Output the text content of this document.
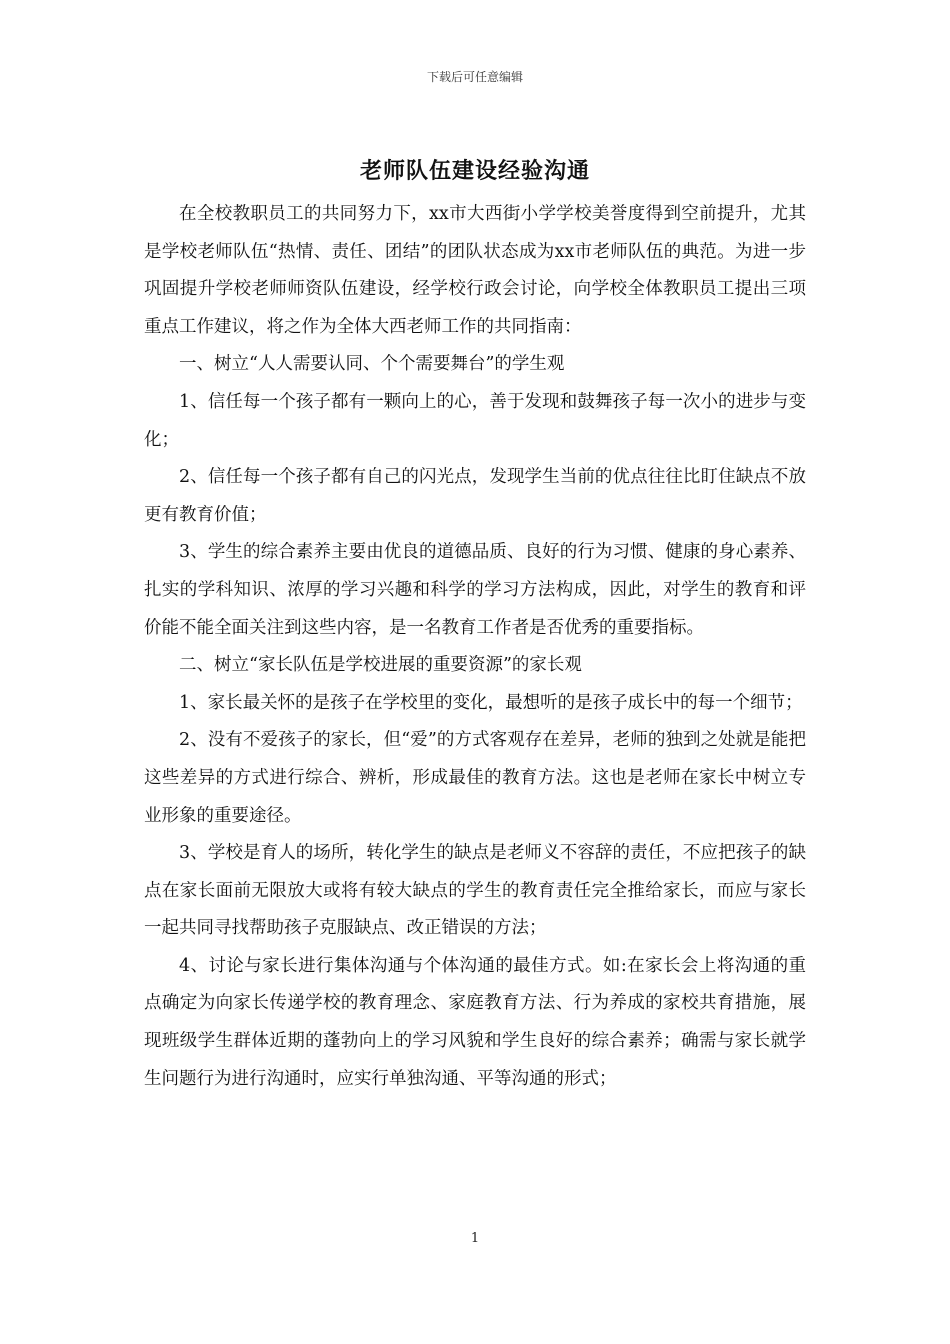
下载后可任意编辑
老师队伍建设经验沟通

在全校教职员工的共同努力下，xx市大西街小学学校美誉度得到空前提升，尤其是学校老师队伍“热情、责任、团结”的团队状态成为xx市老师队伍的典范。为进一步巩固提升学校老师师资队伍建设，经学校行政会讨论，向学校全体教职员工提出三项重点工作建议，将之作为全体大西老师工作的共同指南：

一、树立“人人需要认同、个个需要舞台”的学生观

1、信任每一个孩子都有一颗向上的心，善于发现和鼓舞孩子每一次小的进步与变化；

2、信任每一个孩子都有自己的闪光点，发现学生当前的优点往往比盯住缺点不放更有教育价值；

3、学生的综合素养主要由优良的道德品质、良好的行为习惯、健康的身心素养、扎实的学科知识、浓厚的学习兴趣和科学的学习方法构成，因此，对学生的教育和评价能不能全面关注到这些内容，是一名教育工作者是否优秀的重要指标。

二、树立“家长队伍是学校进展的重要资源”的家长观

1、家长最关怀的是孩子在学校里的变化，最想听的是孩子成长中的每一个细节；

2、没有不爱孩子的家长，但“爱”的方式客观存在差异，老师的独到之处就是能把这些差异的方式进行综合、辨析，形成最佳的教育方法。这也是老师在家长中树立专业形象的重要途径。

3、学校是育人的场所，转化学生的缺点是老师义不容辞的责任，不应把孩子的缺点在家长面前无限放大或将有较大缺点的学生的教育责任完全推给家长，而应与家长一起共同寻找帮助孩子克服缺点、改正错误的方法；

4、讨论与家长进行集体沟通与个体沟通的最佳方式。如:在家长会上将沟通的重点确定为向家长传递学校的教育理念、家庭教育方法、行为养成的家校共育措施，展现班级学生群体近期的蓬勃向上的学习风貌和学生良好的综合素养；确需与家长就学生问题行为进行沟通时，应实行单独沟通、平等沟通的形式；

1
